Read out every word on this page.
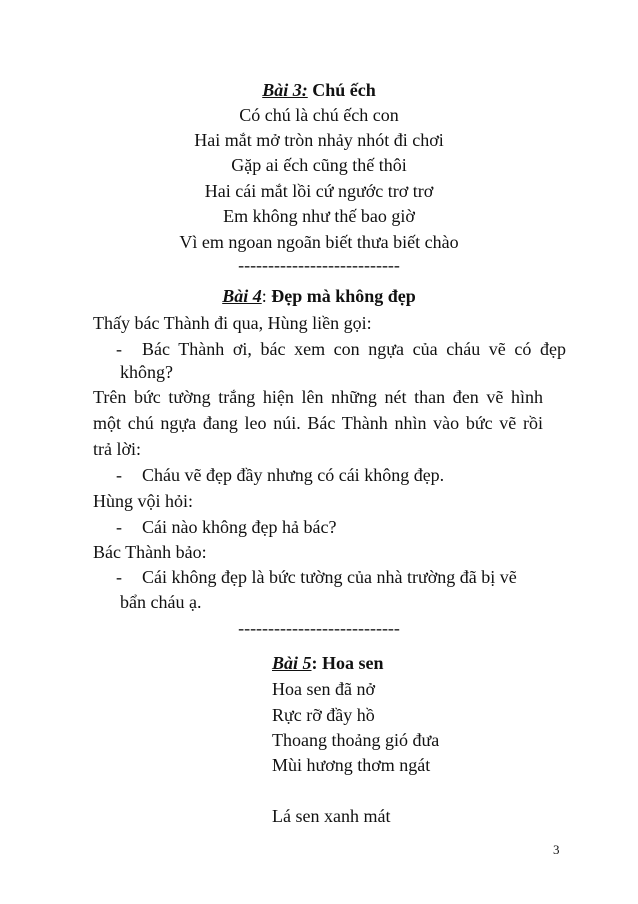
Bài 3: Chú ếch
Có chú là chú ếch con
Hai mắt mở tròn nhảy nhót đi chơi
Gặp ai ếch cũng thế thôi
Hai cái mắt lồi cứ ngước trơ trơ
Em không như thế bao giờ
Vì em ngoan ngoãn biết thưa biết chào
---------------------------
Bài 4: Đẹp mà không đẹp
Thấy bác Thành đi qua, Hùng liền gọi:
- Bác Thành ơi, bác xem con ngựa của cháu vẽ có đẹp
không?
Trên bức tường trắng hiện lên những nét than đen vẽ hình
một chú ngựa đang leo núi. Bác Thành nhìn vào bức vẽ rồi
trả lời:
- Cháu vẽ đẹp đầy nhưng có cái không đẹp.
Hùng vội hỏi:
- Cái nào không đẹp hả bác?
Bác Thành bảo:
- Cái không đẹp là bức tường của nhà trường đã bị vẽ
bẩn cháu ạ.
---------------------------
Bài 5: Hoa sen
Hoa sen đã nở
Rực rỡ đầy hồ
Thoang thoảng gió đưa
Mùi hương thơm ngát
Lá sen xanh mát
3
